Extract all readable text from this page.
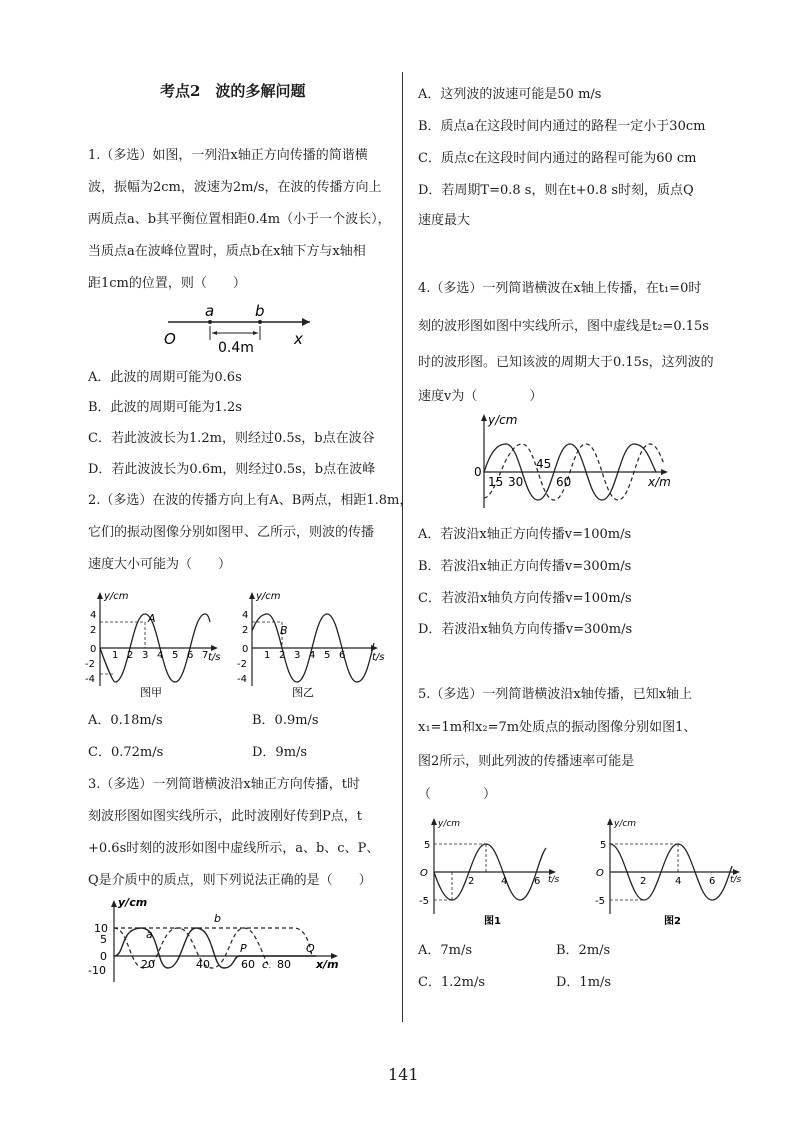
考点2　波的多解问题
1.（多选）如图，一列沿x轴正方向传播的简谐横
波，振幅为2cm，波速为2m/s，在波的传播方向上
两质点a、b其平衡位置相距0.4m（小于一个波长），
当质点a在波峰位置时，质点b在x轴下方与x轴相
距1cm的位置，则（　　）
O
a	b
x
0.4m
A．此波的周期可能为0.6s
B．此波的周期可能为1.2s
C．若此波波长为1.2m，则经过0.5s，b点在波谷
D．若此波波长为0.6m，则经过0.5s，b点在波峰
2.（多选）在波的传播方向上有A、B两点，相距1.8m，
它们的振动图像分别如图甲、乙所示，则波的传播
速度大小可能为（　　）
y/cm
t/s
A
4
2
0
-2
-4
1 2 3 4 5 6 7
图甲
y/cm
t/s
B
4
2
0
-2
-4
1 2 3 4 5 6
图乙
A．0.18m/s	B．0.9m/s
C．0.72m/s	D．9m/s
3.（多选）一列简谐横波沿x轴正方向传播，t时
刻波形图如图实线所示，此时波刚好传到P点，t
+0.6s时刻的波形如图中虚线所示，a、b、c、P、
Q是介质中的质点，则下列说法正确的是（　　）
y/cm
x/m
10
5
0
-10	20	40	60 80
a
b
c
P	Q
A．这列波的波速可能是50 m/s
B．质点a在这段时间内通过的路程一定小于30cm
C．质点c在这段时间内通过的路程可能为60 cm
D．若周期T=0.8 s，则在t+0.8 s时刻，质点Q
速度最大
4.（多选）一列简谐横波在x轴上传播，在t₁=0时
刻的波形图如图中实线所示，图中虚线是t₂=0.15s
时的波形图。已知该波的周期大于0.15s，这列波的
速度v为（　　　　）
y/cm
x/m
0
15 30
45
60
A．若波沿x轴正方向传播v=100m/s
B．若波沿x轴正方向传播v=300m/s
C．若波沿x轴负方向传播v=100m/s
D．若波沿x轴负方向传播v=300m/s
5.（多选）一列简谐横波沿x轴传播，已知x轴上
x₁=1m和x₂=7m处质点的振动图像分别如图1、
图2所示，则此列波的传播速率可能是
（　　　　）
y/cm
t/s
O
5
-5
2	4	6
图1
y/cm
t/s
O
5
-5
2	4	6
图2
A．7m/s	B．2m/s
C．1.2m/s	D．1m/s
141
